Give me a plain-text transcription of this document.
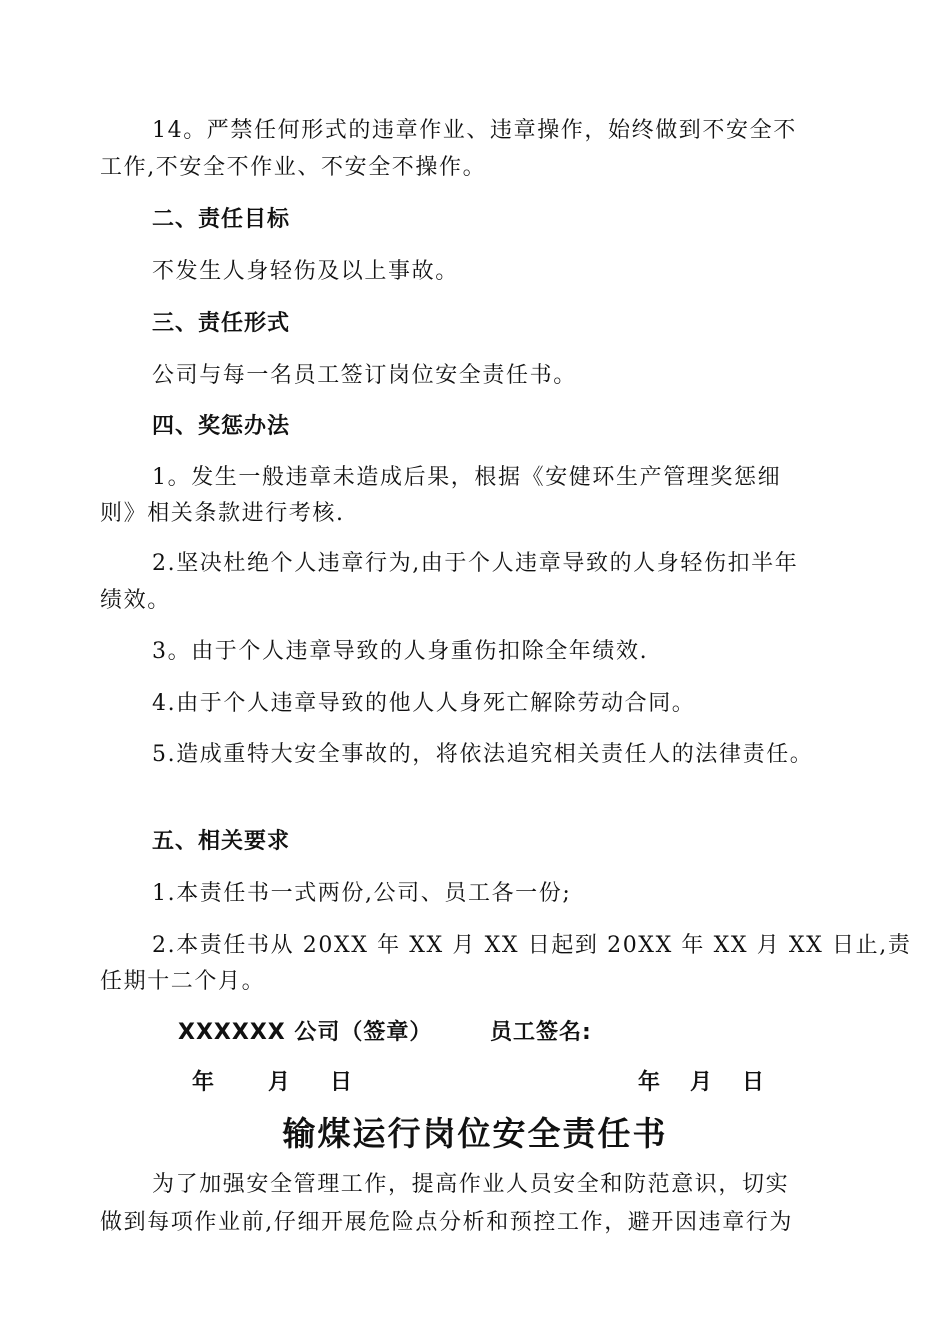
14。严禁任何形式的违章作业、违章操作，始终做到不安全不
工作,不安全不作业、不安全不操作。
二、责任目标
不发生人身轻伤及以上事故。
三、责任形式
公司与每一名员工签订岗位安全责任书。
四、奖惩办法
1。发生一般违章未造成后果，根据《安健环生产管理奖惩细
则》相关条款进行考核.
2.坚决杜绝个人违章行为,由于个人违章导致的人身轻伤扣半年
绩效。
3。由于个人违章导致的人身重伤扣除全年绩效.
4.由于个人违章导致的他人人身死亡解除劳动合同。
5.造成重特大安全事故的，将依法追究相关责任人的法律责任。
五、相关要求
1.本责任书一式两份,公司、员工各一份;
2.本责任书从 20XX 年 XX 月 XX 日起到 20XX 年 XX 月 XX 日止,责
任期十二个月。
XXXXXX 公司（签章）	员工签名:
年 月 日	年 月 日
输煤运行岗位安全责任书
为了加强安全管理工作，提高作业人员安全和防范意识，切实
做到每项作业前,仔细开展危险点分析和预控工作，避开因违章行为
